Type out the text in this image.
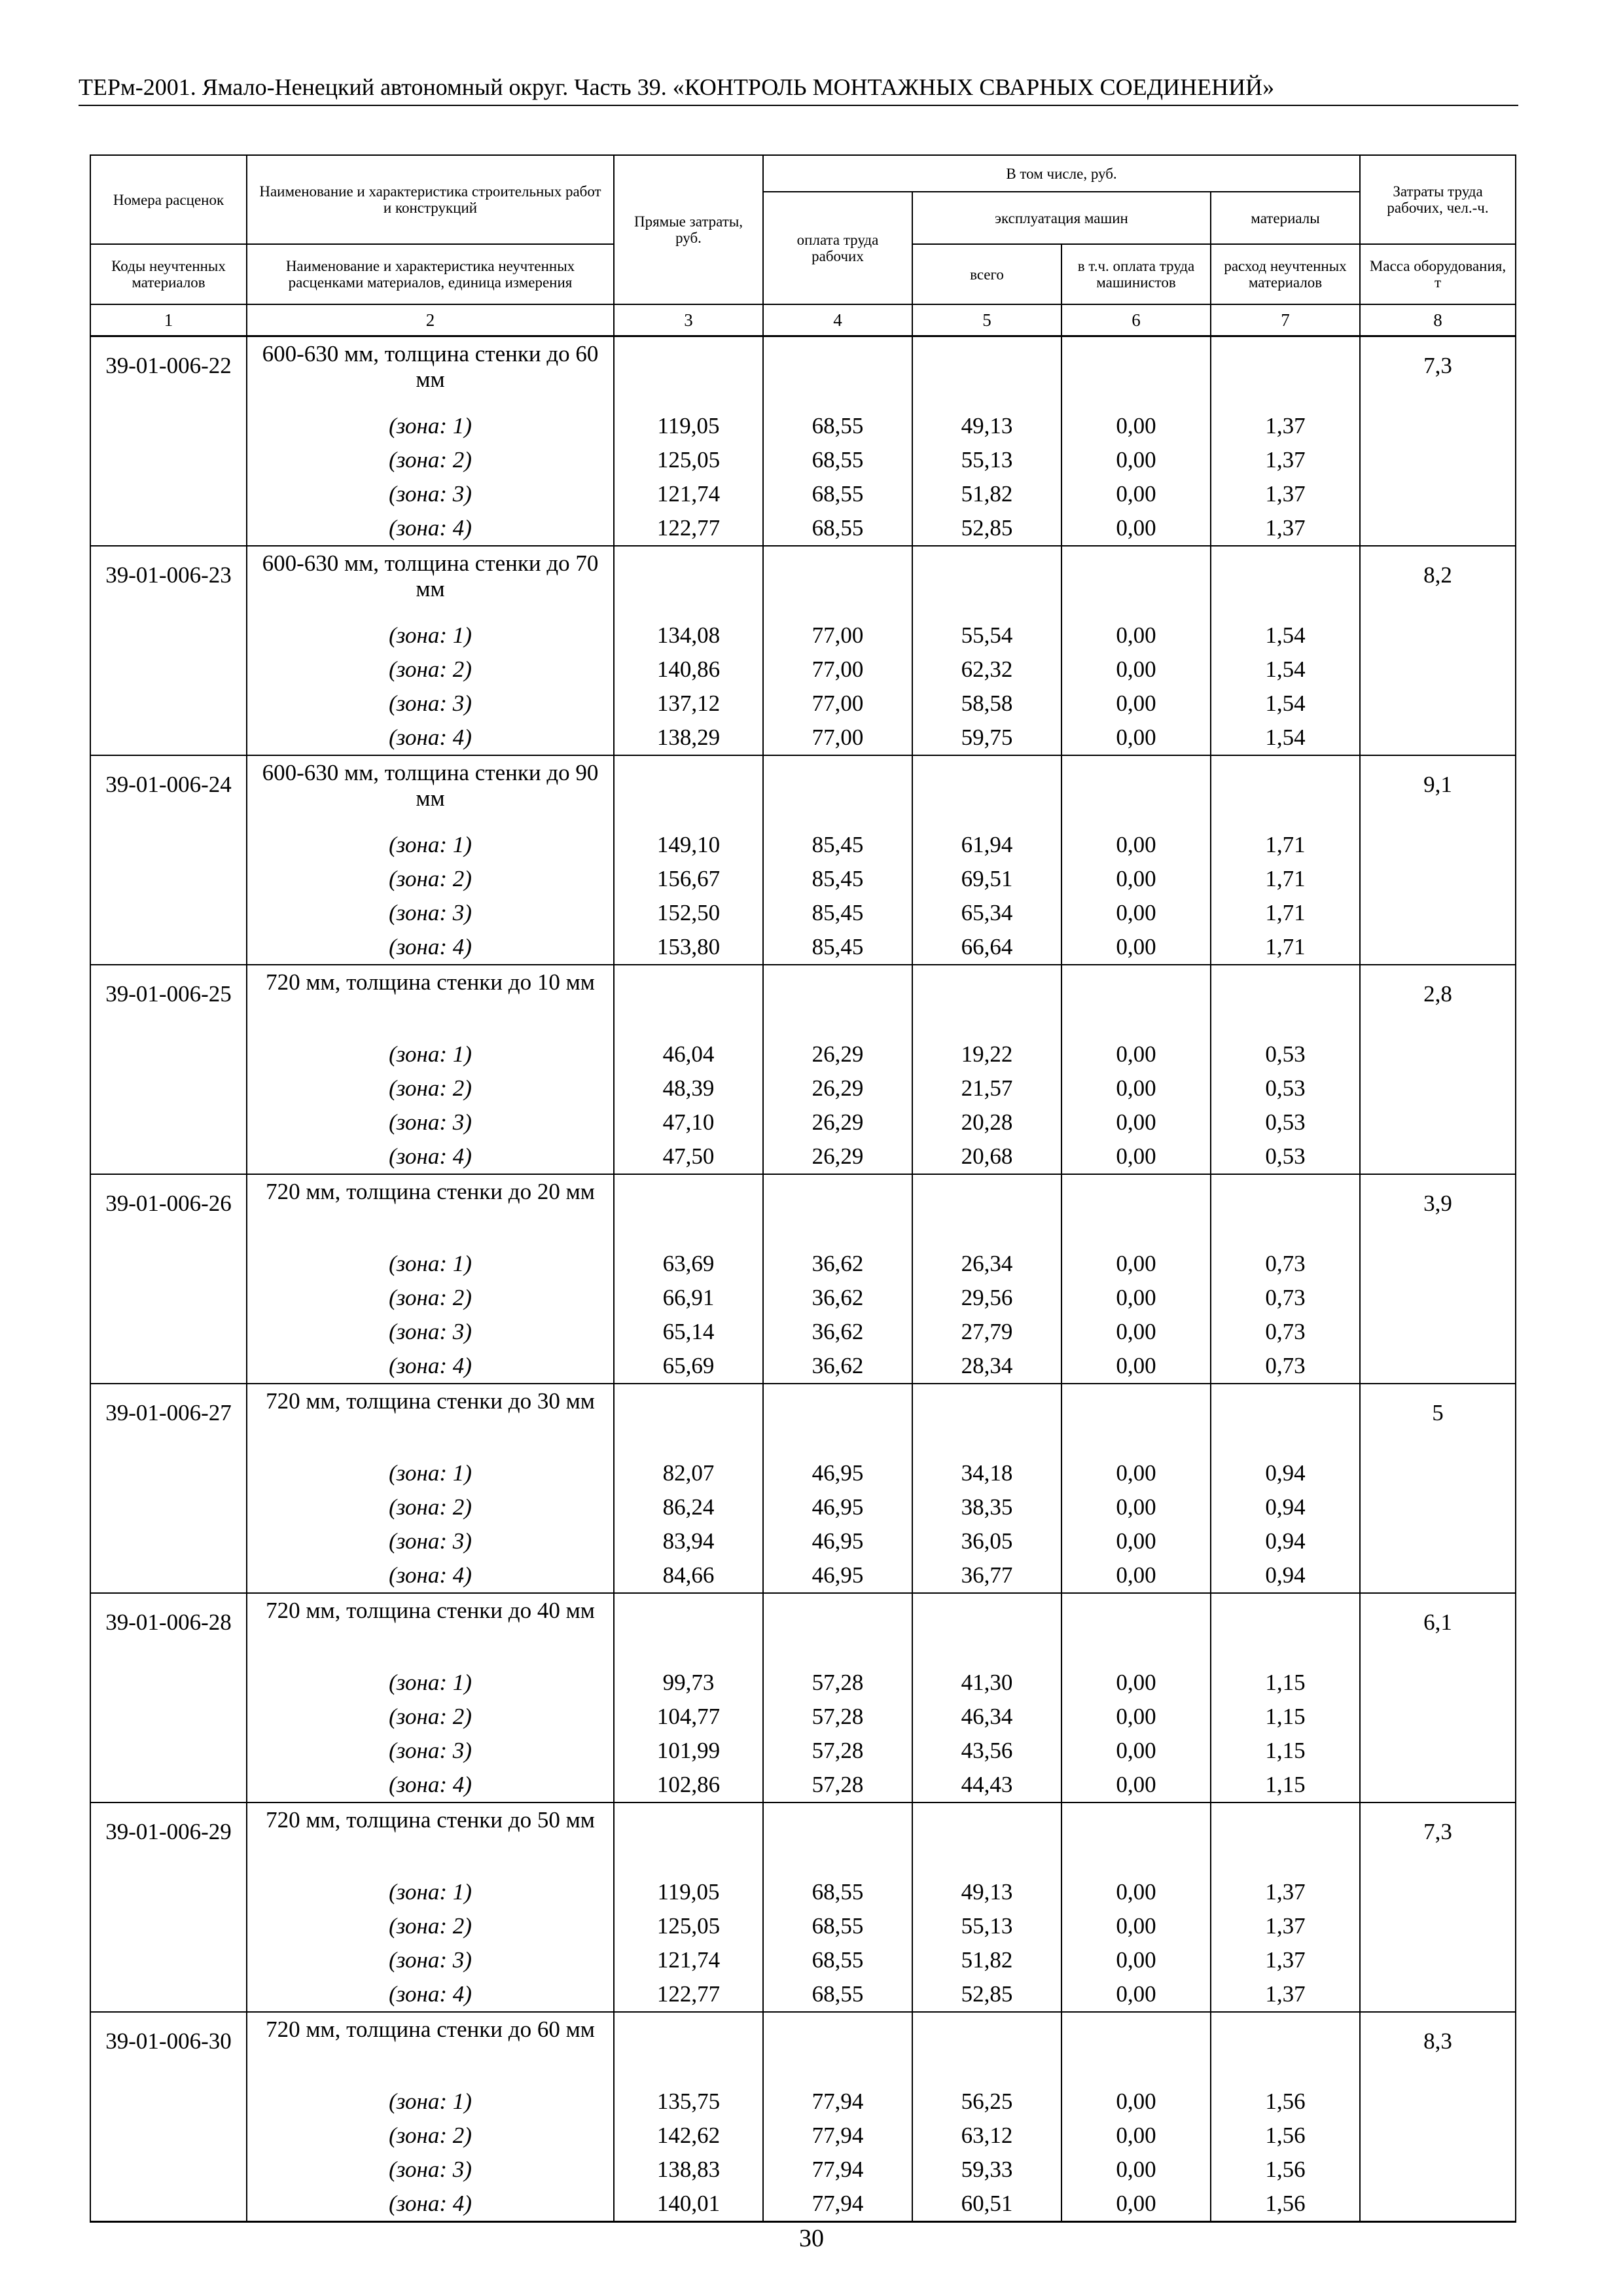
ТЕРм-2001. Ямало-Ненецкий автономный округ. Часть 39. «КОНТРОЛЬ МОНТАЖНЫХ СВАРНЫХ СОЕДИНЕНИЙ»
Номера расценок	Наименование и характеристика строительных работ и конструкций	Прямые затраты, руб.	В том числе, руб.				Затраты труда рабочих, чел.-ч.
			оплата труда рабочих	эксплуатация машин		материалы	
Коды неучтенных материалов	Наименование и характеристика неучтенных расценками материалов, единица измерения			всего	в т.ч. оплата труда машинистов	расход неучтенных материалов	Масса оборудования, т
1	2	3	4	5	6	7	8
39-01-006-22	600-630 мм, толщина стенки до 60 мм						7,3
	(зона: 1)	119,05	68,55	49,13	0,00	1,37	
	(зона: 2)	125,05	68,55	55,13	0,00	1,37	
	(зона: 3)	121,74	68,55	51,82	0,00	1,37	
	(зона: 4)	122,77	68,55	52,85	0,00	1,37	
39-01-006-23	600-630 мм, толщина стенки до 70 мм						8,2
	(зона: 1)	134,08	77,00	55,54	0,00	1,54	
	(зона: 2)	140,86	77,00	62,32	0,00	1,54	
	(зона: 3)	137,12	77,00	58,58	0,00	1,54	
	(зона: 4)	138,29	77,00	59,75	0,00	1,54	
39-01-006-24	600-630 мм, толщина стенки до 90 мм						9,1
	(зона: 1)	149,10	85,45	61,94	0,00	1,71	
	(зона: 2)	156,67	85,45	69,51	0,00	1,71	
	(зона: 3)	152,50	85,45	65,34	0,00	1,71	
	(зона: 4)	153,80	85,45	66,64	0,00	1,71	
39-01-006-25	720 мм, толщина стенки до 10 мм						2,8
	(зона: 1)	46,04	26,29	19,22	0,00	0,53	
	(зона: 2)	48,39	26,29	21,57	0,00	0,53	
	(зона: 3)	47,10	26,29	20,28	0,00	0,53	
	(зона: 4)	47,50	26,29	20,68	0,00	0,53	
39-01-006-26	720 мм, толщина стенки до 20 мм						3,9
	(зона: 1)	63,69	36,62	26,34	0,00	0,73	
	(зона: 2)	66,91	36,62	29,56	0,00	0,73	
	(зона: 3)	65,14	36,62	27,79	0,00	0,73	
	(зона: 4)	65,69	36,62	28,34	0,00	0,73	
39-01-006-27	720 мм, толщина стенки до 30 мм						5
	(зона: 1)	82,07	46,95	34,18	0,00	0,94	
	(зона: 2)	86,24	46,95	38,35	0,00	0,94	
	(зона: 3)	83,94	46,95	36,05	0,00	0,94	
	(зона: 4)	84,66	46,95	36,77	0,00	0,94	
39-01-006-28	720 мм, толщина стенки до 40 мм						6,1
	(зона: 1)	99,73	57,28	41,30	0,00	1,15	
	(зона: 2)	104,77	57,28	46,34	0,00	1,15	
	(зона: 3)	101,99	57,28	43,56	0,00	1,15	
	(зона: 4)	102,86	57,28	44,43	0,00	1,15	
39-01-006-29	720 мм, толщина стенки до 50 мм						7,3
	(зона: 1)	119,05	68,55	49,13	0,00	1,37	
	(зона: 2)	125,05	68,55	55,13	0,00	1,37	
	(зона: 3)	121,74	68,55	51,82	0,00	1,37	
	(зона: 4)	122,77	68,55	52,85	0,00	1,37	
39-01-006-30	720 мм, толщина стенки до 60 мм						8,3
	(зона: 1)	135,75	77,94	56,25	0,00	1,56	
	(зона: 2)	142,62	77,94	63,12	0,00	1,56	
	(зона: 3)	138,83	77,94	59,33	0,00	1,56	
	(зона: 4)	140,01	77,94	60,51	0,00	1,56	
30
